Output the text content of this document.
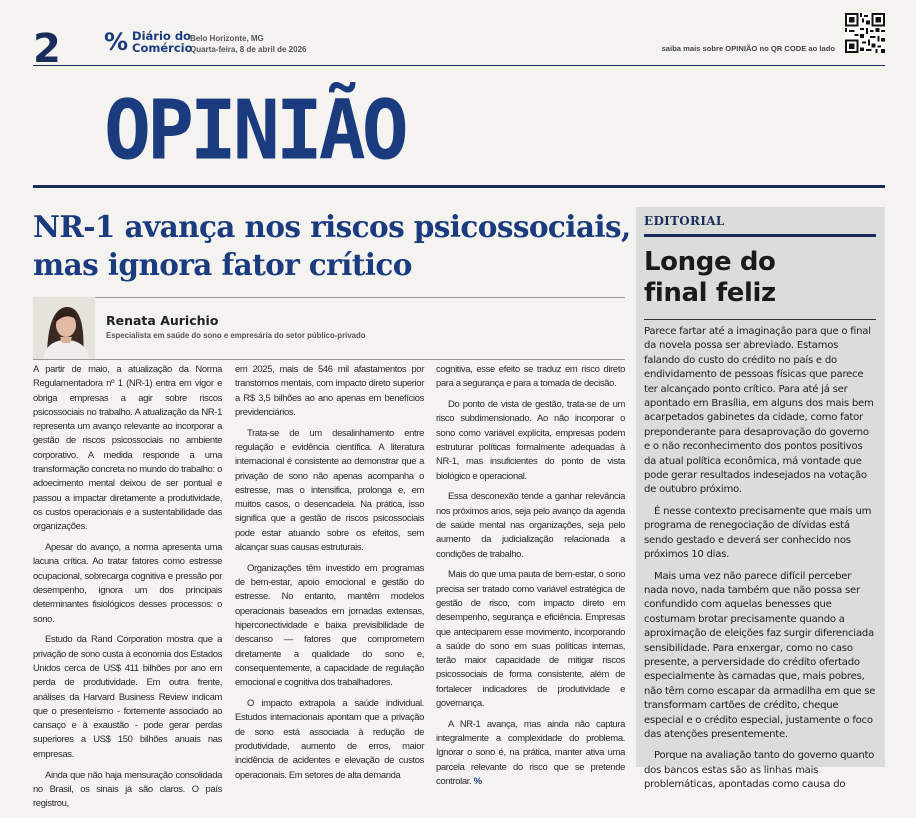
2 % Diário do
Comércio
Belo Horizonte, MG
Quarta-feira, 8 de abril de 2026	saiba mais sobre OPINIÃO no QR CODE ao lado
OPINIÃO
NR-1 avança nos riscos psicossociais,
mas ignora fator crítico
Renata Aurichio
Especialista em saúde do sono e empresária do setor público-privado

A partir de maio, a atualização da Norma Regulamentadora nº 1 (NR-1) entra em vigor e obriga empresas a agir sobre riscos psicossociais no trabalho. A atualização da NR-1 representa um avanço relevante ao incorporar a gestão de riscos psicossociais no ambiente corporativo. A medida responde a uma transformação concreta no mundo do trabalho: o adoecimento mental deixou de ser pontual e passou a impactar diretamente a produtividade, os custos operacionais e a sustentabilidade das organizações.

Apesar do avanço, a norma apresenta uma lacuna crítica. Ao tratar fatores como estresse ocupacional, sobrecarga cognitiva e pressão por desempenho, ignora um dos principais determinantes fisiológicos desses processos: o sono.

Estudo da Rand Corporation mostra que a privação de sono custa à economia dos Estados Unidos cerca de US$ 411 bilhões por ano em perda de produtividade. Em outra frente, análises da Harvard Business Review indicam que o presenteísmo - fortemente associado ao cansaço e à exaustão - pode gerar perdas superiores a US$ 150 bilhões anuais nas empresas.

Ainda que não haja mensuração consolidada no Brasil, os sinais já são claros. O país registrou,

em 2025, mais de 546 mil afastamentos por transtornos mentais, com impacto direto superior a R$ 3,5 bilhões ao ano apenas em benefícios previdenciários.

Trata-se de um desalinhamento entre regulação e evidência científica. A literatura internacional é consistente ao demonstrar que a privação de sono não apenas acompanha o estresse, mas o intensifica, prolonga e, em muitos casos, o desencadeia. Na prática, isso significa que a gestão de riscos psicossociais pode estar atuando sobre os efeitos, sem alcançar suas causas estruturais.

Organizações têm investido em programas de bem-estar, apoio emocional e gestão do estresse. No entanto, mantêm modelos operacionais baseados em jornadas extensas, hiperconectividade e baixa previsibilidade de descanso — fatores que comprometem diretamente a qualidade do sono e, consequentemente, a capacidade de regulação emocional e cognitiva dos trabalhadores.

O impacto extrapola a saúde individual. Estudos internacionais apontam que a privação de sono está associada à redução de produtividade, aumento de erros, maior incidência de acidentes e elevação de custos operacionais. Em setores de alta demanda

cognitiva, esse efeito se traduz em risco direto para a segurança e para a tomada de decisão.

Do ponto de vista de gestão, trata-se de um risco subdimensionado. Ao não incorporar o sono como variável explícita, empresas podem estruturar políticas formalmente adequadas à NR-1, mas insuficientes do ponto de vista biológico e operacional.

Essa desconexão tende a ganhar relevância nos próximos anos, seja pelo avanço da agenda de saúde mental nas organizações, seja pelo aumento da judicialização relacionada a condições de trabalho.

Mais do que uma pauta de bem-estar, o sono precisa ser tratado como variável estratégica de gestão de risco, com impacto direto em desempenho, segurança e eficiência. Empresas que anteciparem esse movimento, incorporando a saúde do sono em suas políticas internas, terão maior capacidade de mitigar riscos psicossociais de forma consistente, além de fortalecer indicadores de produtividade e governança.

A NR-1 avança, mas ainda não captura integralmente a complexidade do problema. Ignorar o sono é, na prática, manter ativa uma parcela relevante do risco que se pretende controlar. %

EDITORIAL
Longe do
final feliz

Parece fartar até a imaginação para que o final da novela possa ser abreviado. Estamos falando do custo do crédito no país e do endividamento de pessoas físicas que parece ter alcançado ponto crítico. Para até já ser apontado em Brasília, em alguns dos mais bem acarpetados gabinetes da cidade, como fator preponderante para desaprovação do governo e o não reconhecimento dos pontos positivos da atual política econômica, má vontade que pode gerar resultados indesejados na votação de outubro próximo.

É nesse contexto precisamente que mais um programa de renegociação de dívidas está sendo gestado e deverá ser conhecido nos próximos 10 dias.

Mais uma vez não parece difícil perceber nada novo, nada também que não possa ser confundido com aquelas benesses que costumam brotar precisamente quando a aproximação de eleições faz surgir diferenciada sensibilidade. Para enxergar, como no caso presente, a perversidade do crédito ofertado especialmente às camadas que, mais pobres, não têm como escapar da armadilha em que se transformam cartões de crédito, cheque especial e o crédito especial, justamente o foco das atenções presentemente.

Porque na avaliação tanto do governo quanto dos bancos estas são as linhas mais problemáticas, apontadas como causa do
